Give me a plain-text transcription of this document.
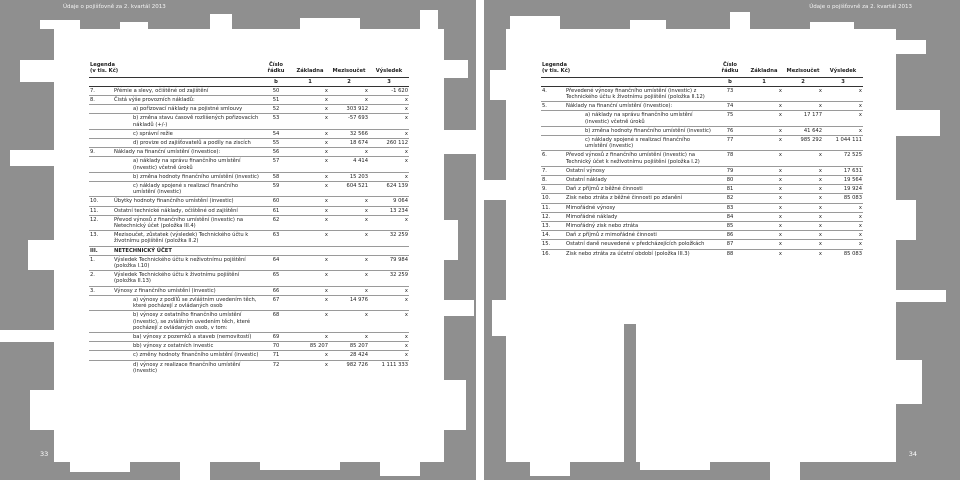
Údaje o pojišťovně za 2. kvartál 2013
Legenda
(v tis. Kč)		Číslo řádku	Základna	Mezisoučet	Výsledek
		b	1	2	3
7.	Přémie a slevy, očištěné od zajištění	50	x	x	-1 620
8.	Čistá výše provozních nákladů:	51	x	x	x
	a) pořizovací náklady na pojistné smlouvy	52	x	303 912	x
	b) změna stavu časově rozlišených pořizovacích nákladů (+/-)	53	x	-57 693	x
	c) správní režie	54	x	32 566	x
	d) provize od zajišťovatelů a podíly na ziscích	55	x	18 674	260 112
9.	Náklady na finanční umístění (investice):	56	x	x	x
	a) náklady na správu finančního umístění (investic) včetně úroků	57	x	4 414	x
	b) změna hodnoty finančního umístění (investic)	58	x	15 203	x
	c) náklady spojené s realizací finančního umístění (investic)	59	x	604 521	624 139
10.	Úbytky hodnoty finančního umístění (investic)	60	x	x	9 064
11.	Ostatní technické náklady, očištěné od zajištění	61	x	x	13 234
12.	Převod výnosů z finančního umístění (investic) na Netechnický účet (položka III.4)	62	x	x	x
13.	Mezisoučet, zůstatek (výsledek) Technického účtu k životnímu pojištění (položka II.2)	63	x	x	32 259
III.	NETECHNICKÝ ÚČET				
1.	Výsledek Technického účtu k neživotnímu pojištění (položka I.10)	64	x	x	79 984
2.	Výsledek Technického účtu k životnímu pojištění (položka II.13)	65	x	x	32 259
3.	Výnosy z finančního umístění (investic)	66	x	x	x
	a) výnosy z podílů se zvláštním uvedením těch, které pocházejí z ovládaných osob	67	x	14 976	x
	b) výnosy z ostatního finančního umístění (investic), se zvláštním uvedením těch, které pocházejí z ovládaných osob, v tom:	68	x	x	x
	ba) výnosy z pozemků a staveb (nemovitostí)	69	x	x	x
	bb) výnosy z ostatních investic	70	85 207	85 207	x
	c) změny hodnoty finančního umístění (investic)	71	x	28 424	x
	d) výnosy z realizace finančního umístění (investic)	72	x	982 726	1 111 333
33
Údaje o pojišťovně za 2. kvartál 2013
Legenda
(v tis. Kč)		Číslo řádku	Základna	Mezisoučet	Výsledek
		b	1	2	3
4.	Převedené výnosy finančního umístění (investic) z Technického účtu k životnímu pojištění (položka II.12)	73	x	x	x
5.	Náklady na finanční umístění (investice):	74	x	x	x
	a) náklady na správu finančního umístění (investic) včetně úroků	75	x	17 177	x
	b) změna hodnoty finančního umístění (investic)	76	x	41 642	x
	c) náklady spojené s realizací finančního umístění (investic)	77	x	985 292	1 044 111
6.	Převod výnosů z finančního umístění (investic) na Technický účet k neživotnímu pojištění (položka I.2)	78	x	x	72 525
7.	Ostatní výnosy	79	x	x	17 631
8.	Ostatní náklady	80	x	x	19 564
9.	Daň z příjmů z běžné činnosti	81	x	x	19 924
10.	Zisk nebo ztráta z běžné činnosti po zdanění	82	x	x	85 083
11.	Mimořádné výnosy	83	x	x	x
12.	Mimořádné náklady	84	x	x	x
13.	Mimořádný zisk nebo ztráta	85	x	x	x
14.	Daň z příjmů z mimořádné činnosti	86	x	x	x
15.	Ostatní daně neuvedené v předcházejících položkách	87	x	x	x
16.	Zisk nebo ztráta za účetní období (položka III.3)	88	x	x	85 083
34
